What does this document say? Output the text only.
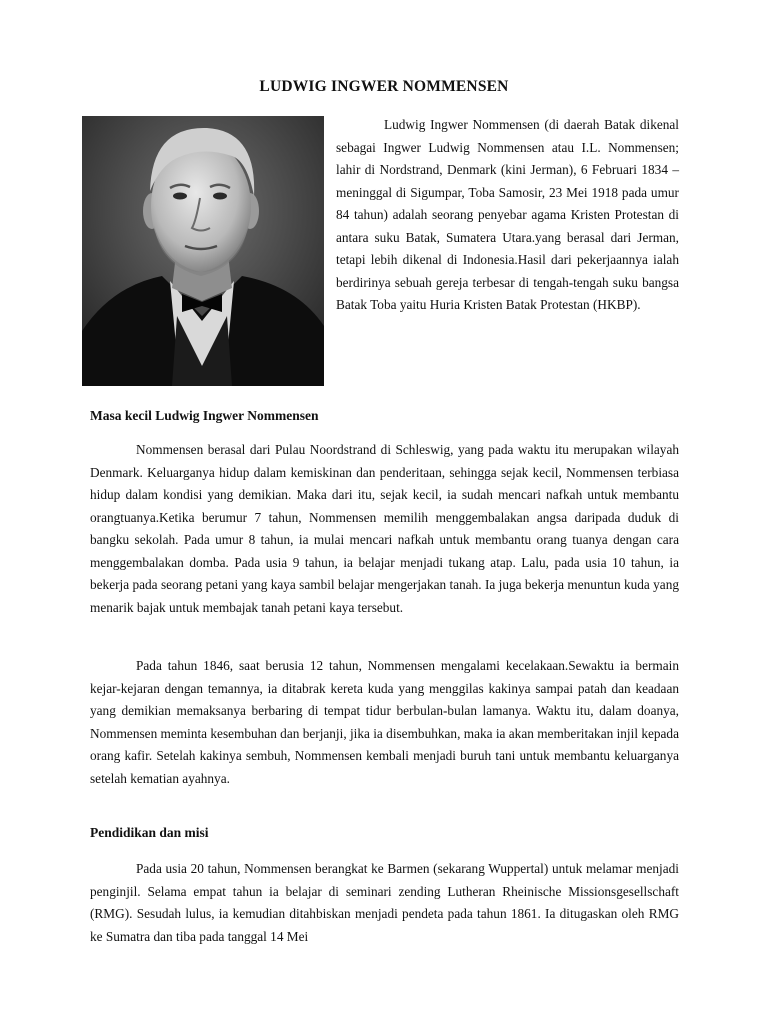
LUDWIG INGWER NOMMENSEN

Ludwig Ingwer Nommensen (di daerah Batak dikenal sebagai Ingwer Ludwig Nommensen atau I.L. Nommensen; lahir di Nordstrand, Denmark (kini Jerman), 6 Februari 1834 – meninggal di Sigumpar, Toba Samosir, 23 Mei 1918 pada umur 84 tahun) adalah seorang penyebar agama Kristen Protestan di antara suku Batak, Sumatera Utara.yang berasal dari Jerman, tetapi lebih dikenal di Indonesia.Hasil dari pekerjaannya ialah berdirinya sebuah gereja terbesar di tengah-tengah suku bangsa Batak Toba yaitu Huria Kristen Batak Protestan (HKBP).

Masa kecil Ludwig Ingwer Nommensen

Nommensen berasal dari Pulau Noordstrand di Schleswig, yang pada waktu itu merupakan wilayah Denmark. Keluarganya hidup dalam kemiskinan dan penderitaan, sehingga sejak kecil, Nommensen terbiasa hidup dalam kondisi yang demikian. Maka dari itu, sejak kecil, ia sudah mencari nafkah untuk membantu orangtuanya.Ketika berumur 7 tahun, Nommensen memilih menggembalakan angsa daripada duduk di bangku sekolah. Pada umur 8 tahun, ia mulai mencari nafkah untuk membantu orang tuanya dengan cara menggembalakan domba. Pada usia 9 tahun, ia belajar menjadi tukang atap. Lalu, pada usia 10 tahun, ia bekerja pada seorang petani yang kaya sambil belajar mengerjakan tanah. Ia juga bekerja menuntun kuda yang menarik bajak untuk membajak tanah petani kaya tersebut.

Pada tahun 1846, saat berusia 12 tahun, Nommensen mengalami kecelakaan.Sewaktu ia bermain kejar-kejaran dengan temannya, ia ditabrak kereta kuda yang menggilas kakinya sampai patah dan keadaan yang demikian memaksanya berbaring di tempat tidur berbulan-bulan lamanya. Waktu itu, dalam doanya, Nommensen meminta kesembuhan dan berjanji, jika ia disembuhkan, maka ia akan memberitakan injil kepada orang kafir. Setelah kakinya sembuh, Nommensen kembali menjadi buruh tani untuk membantu keluarganya setelah kematian ayahnya.

Pendidikan dan misi

Pada usia 20 tahun, Nommensen berangkat ke Barmen (sekarang Wuppertal) untuk melamar menjadi penginjil. Selama empat tahun ia belajar di seminari zending Lutheran Rheinische Missionsgesellschaft (RMG). Sesudah lulus, ia kemudian ditahbiskan menjadi pendeta pada tahun 1861. Ia ditugaskan oleh RMG ke Sumatra dan tiba pada tanggal 14 Mei
